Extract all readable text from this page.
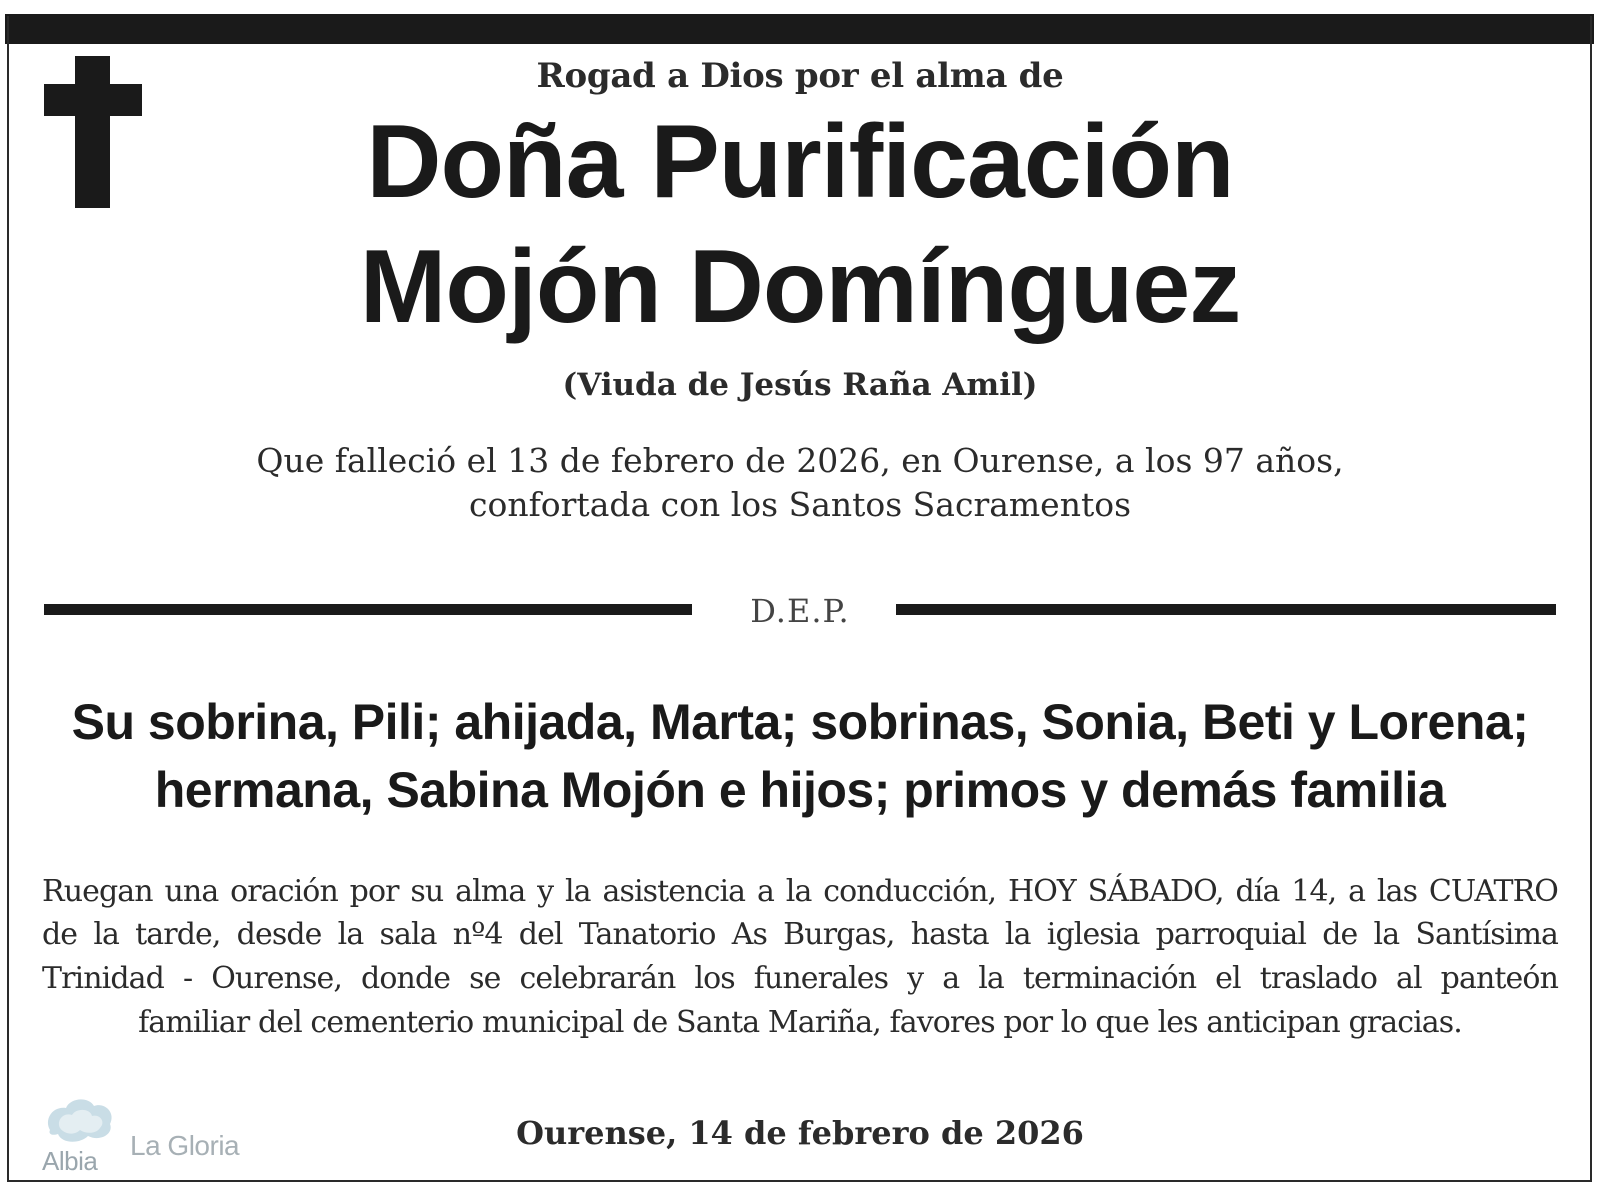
Rogad a Dios por el alma de
Doña Purificación
Mojón Domínguez
(Viuda de Jesús Raña Amil)
Que falleció el 13 de febrero de 2026, en Ourense, a los 97 años,
confortada con los Santos Sacramentos
D.E.P.
Su sobrina, Pili; ahijada, Marta; sobrinas, Sonia, Beti y Lorena;
hermana, Sabina Mojón e hijos; primos y demás familia
Ruegan una oración por su alma y la asistencia a la conducción, HOY SÁBADO, día 14, a las CUATRO
de la tarde, desde la sala nº4 del Tanatorio As Burgas, hasta la iglesia parroquial de la Santísima
Trinidad - Ourense, donde se celebrarán los funerales y a la terminación el traslado al panteón
familiar del cementerio municipal de Santa Mariña, favores por lo que les anticipan gracias.
Ourense, 14 de febrero de 2026
Albia La Gloria
